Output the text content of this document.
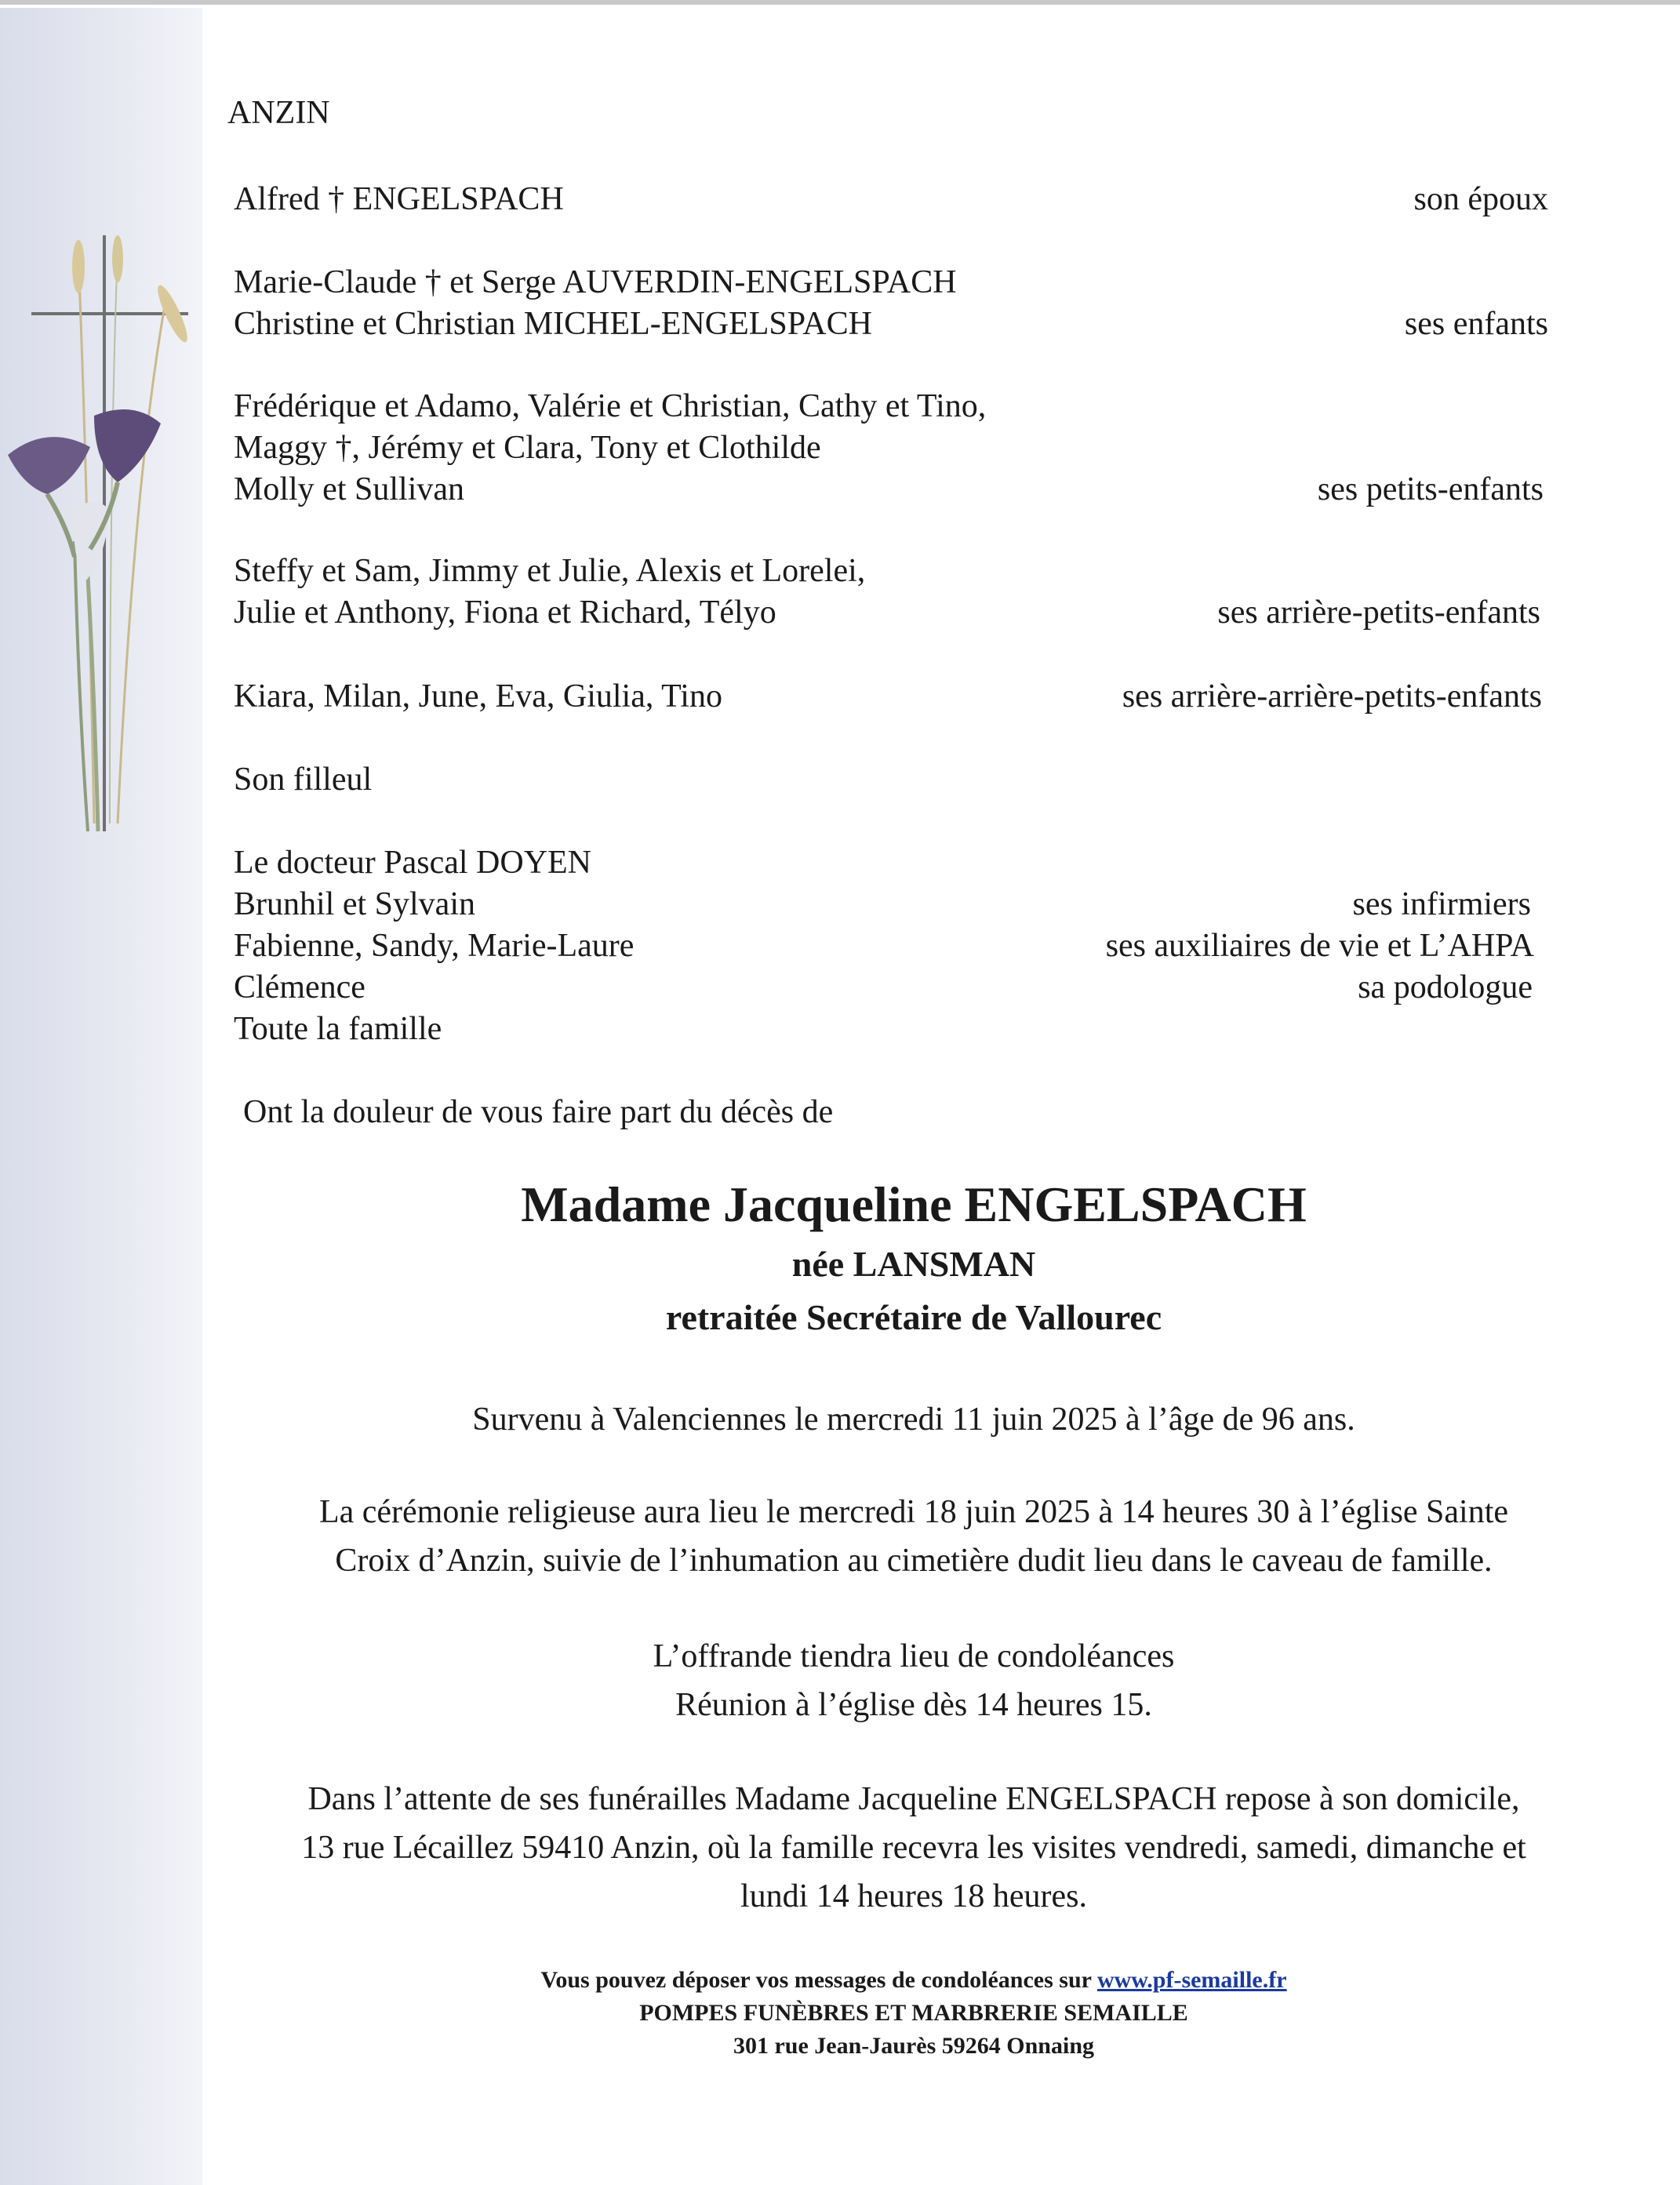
ANZIN
Alfred † ENGELSPACH	son époux
Marie-Claude † et Serge AUVERDIN-ENGELSPACH
Christine et Christian MICHEL-ENGELSPACH	ses enfants
Frédérique et Adamo, Valérie et Christian, Cathy et Tino,
Maggy †, Jérémy et Clara, Tony et Clothilde
Molly et Sullivan	ses petits-enfants
Steffy et Sam, Jimmy et Julie, Alexis et Lorelei,
Julie et Anthony, Fiona et Richard, Télyo	ses arrière-petits-enfants
Kiara, Milan, June, Eva, Giulia, Tino	ses arrière-arrière-petits-enfants
Son filleul
Le docteur Pascal DOYEN
Brunhil et Sylvain	ses infirmiers
Fabienne, Sandy, Marie-Laure	ses auxiliaires de vie et L’AHPA
Clémence	sa podologue
Toute la famille
Ont la douleur de vous faire part du décès de
Madame Jacqueline ENGELSPACH
née LANSMAN
retraitée Secrétaire de Vallourec
Survenu à Valenciennes le mercredi 11 juin 2025 à l’âge de 96 ans.
La cérémonie religieuse aura lieu le mercredi 18 juin 2025 à 14 heures 30 à l’église Sainte
Croix d’Anzin, suivie de l’inhumation au cimetière dudit lieu dans le caveau de famille.
L’offrande tiendra lieu de condoléances
Réunion à l’église dès 14 heures 15.
Dans l’attente de ses funérailles Madame Jacqueline ENGELSPACH repose à son domicile,
13 rue Lécaillez 59410 Anzin, où la famille recevra les visites vendredi, samedi, dimanche et
lundi 14 heures 18 heures.
Vous pouvez déposer vos messages de condoléances sur www.pf-semaille.fr
POMPES FUNÈBRES ET MARBRERIE SEMAILLE
301 rue Jean-Jaurès 59264 Onnaing
